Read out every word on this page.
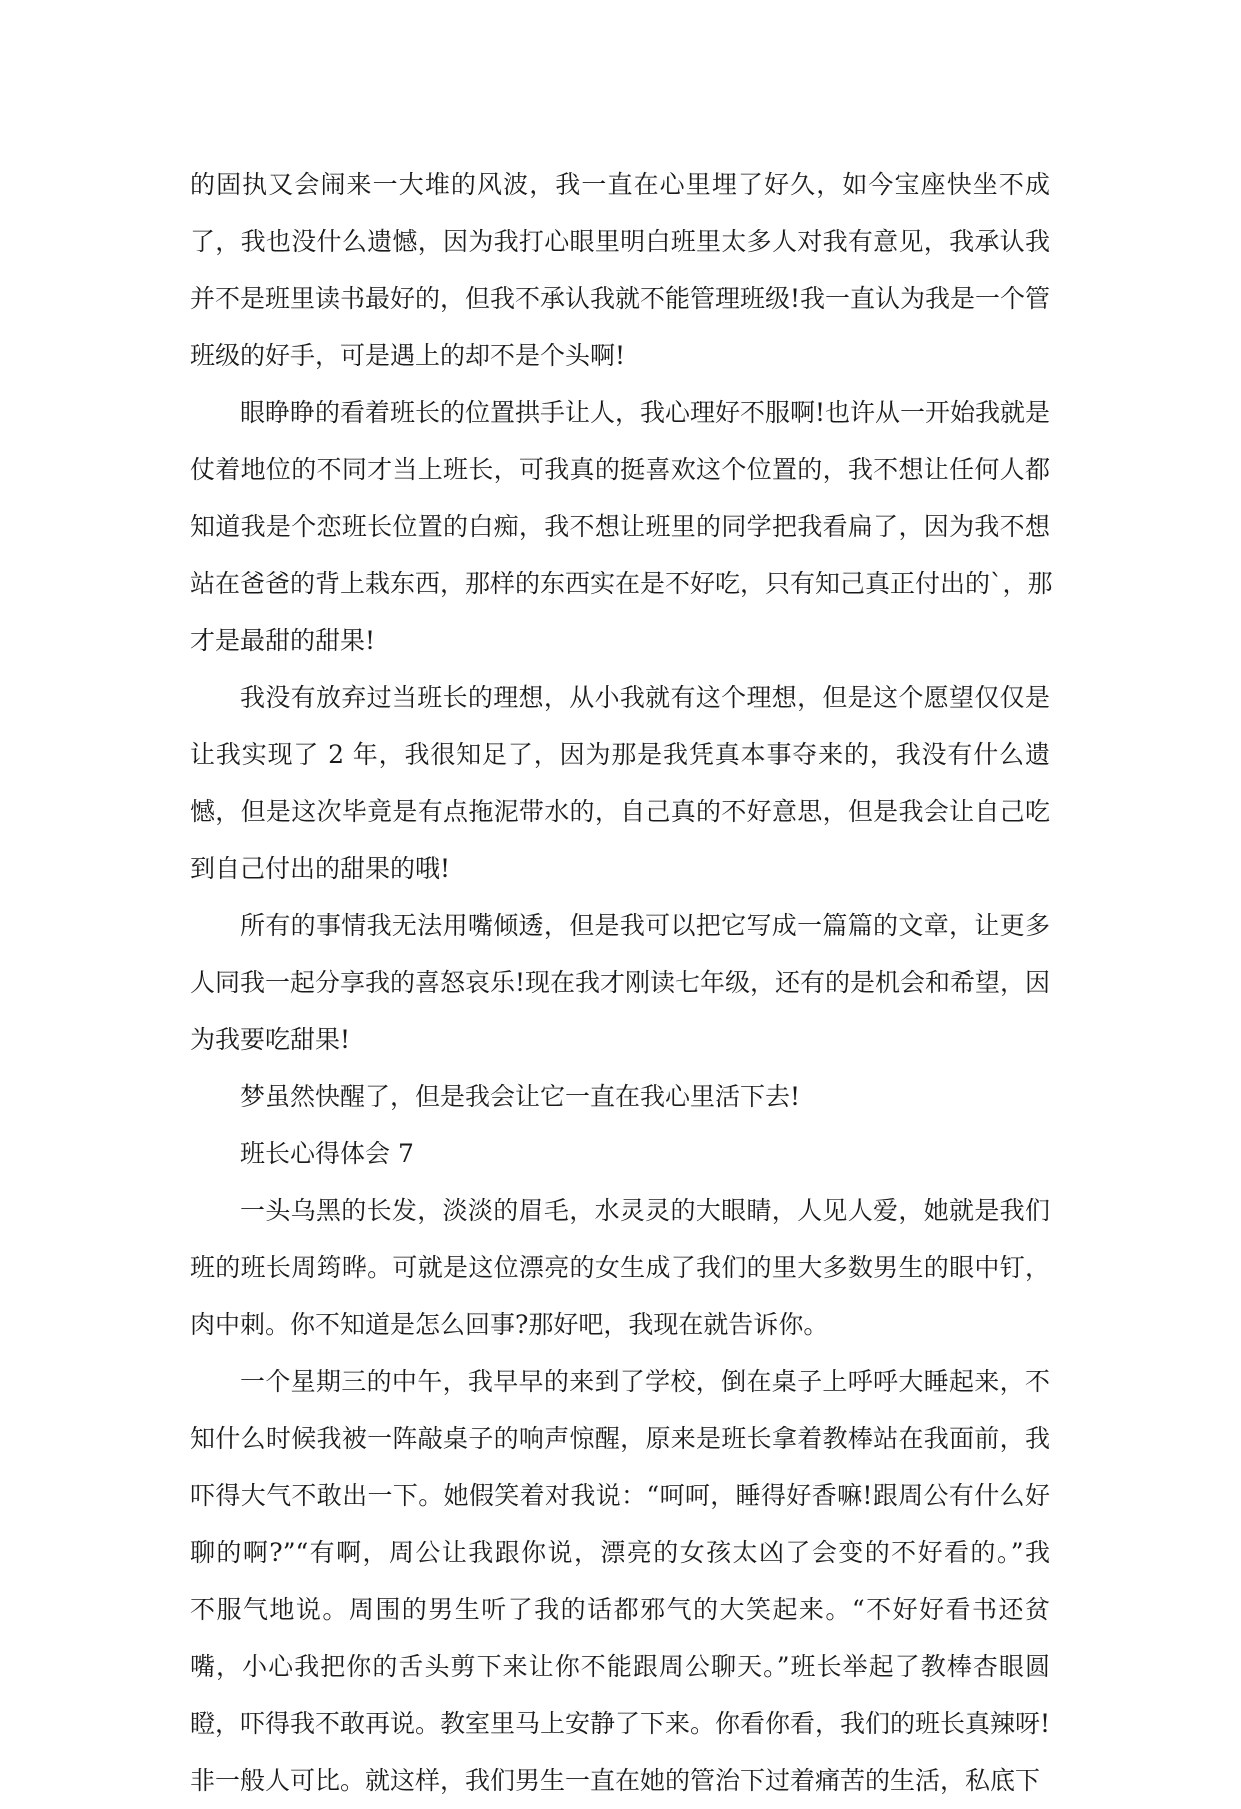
的固执又会闹来一大堆的风波，我一直在心里埋了好久，如今宝座快坐不成
了，我也没什么遗憾，因为我打心眼里明白班里太多人对我有意见，我承认我
并不是班里读书最好的，但我不承认我就不能管理班级!我一直认为我是一个管
班级的好手，可是遇上的却不是个头啊!
眼睁睁的看着班长的位置拱手让人，我心理好不服啊!也许从一开始我就是
仗着地位的不同才当上班长，可我真的挺喜欢这个位置的，我不想让任何人都
知道我是个恋班长位置的白痴，我不想让班里的同学把我看扁了，因为我不想
站在爸爸的背上栽东西，那样的东西实在是不好吃，只有知己真正付出的`，那
才是最甜的甜果!
我没有放弃过当班长的理想，从小我就有这个理想，但是这个愿望仅仅是
让我实现了 2 年，我很知足了，因为那是我凭真本事夺来的，我没有什么遗
憾，但是这次毕竟是有点拖泥带水的，自己真的不好意思，但是我会让自己吃
到自己付出的甜果的哦!
所有的事情我无法用嘴倾透，但是我可以把它写成一篇篇的文章，让更多
人同我一起分享我的喜怒哀乐!现在我才刚读七年级，还有的是机会和希望，因
为我要吃甜果!
梦虽然快醒了，但是我会让它一直在我心里活下去!
班长心得体会 7
一头乌黑的长发，淡淡的眉毛，水灵灵的大眼睛，人见人爱，她就是我们
班的班长周筠晔。可就是这位漂亮的女生成了我们的里大多数男生的眼中钉，
肉中刺。你不知道是怎么回事?那好吧，我现在就告诉你。
一个星期三的中午，我早早的来到了学校，倒在桌子上呼呼大睡起来，不
知什么时候我被一阵敲桌子的响声惊醒，原来是班长拿着教棒站在我面前，我
吓得大气不敢出一下。她假笑着对我说：“呵呵，睡得好香嘛!跟周公有什么好
聊的啊?”“有啊，周公让我跟你说，漂亮的女孩太凶了会变的不好看的。”我
不服气地说。周围的男生听了我的话都邪气的大笑起来。“不好好看书还贫
嘴，小心我把你的舌头剪下来让你不能跟周公聊天。”班长举起了教棒杏眼圆
瞪，吓得我不敢再说。教室里马上安静了下来。你看你看，我们的班长真辣呀!
非一般人可比。就这样，我们男生一直在她的管治下过着痛苦的生活，私底下
